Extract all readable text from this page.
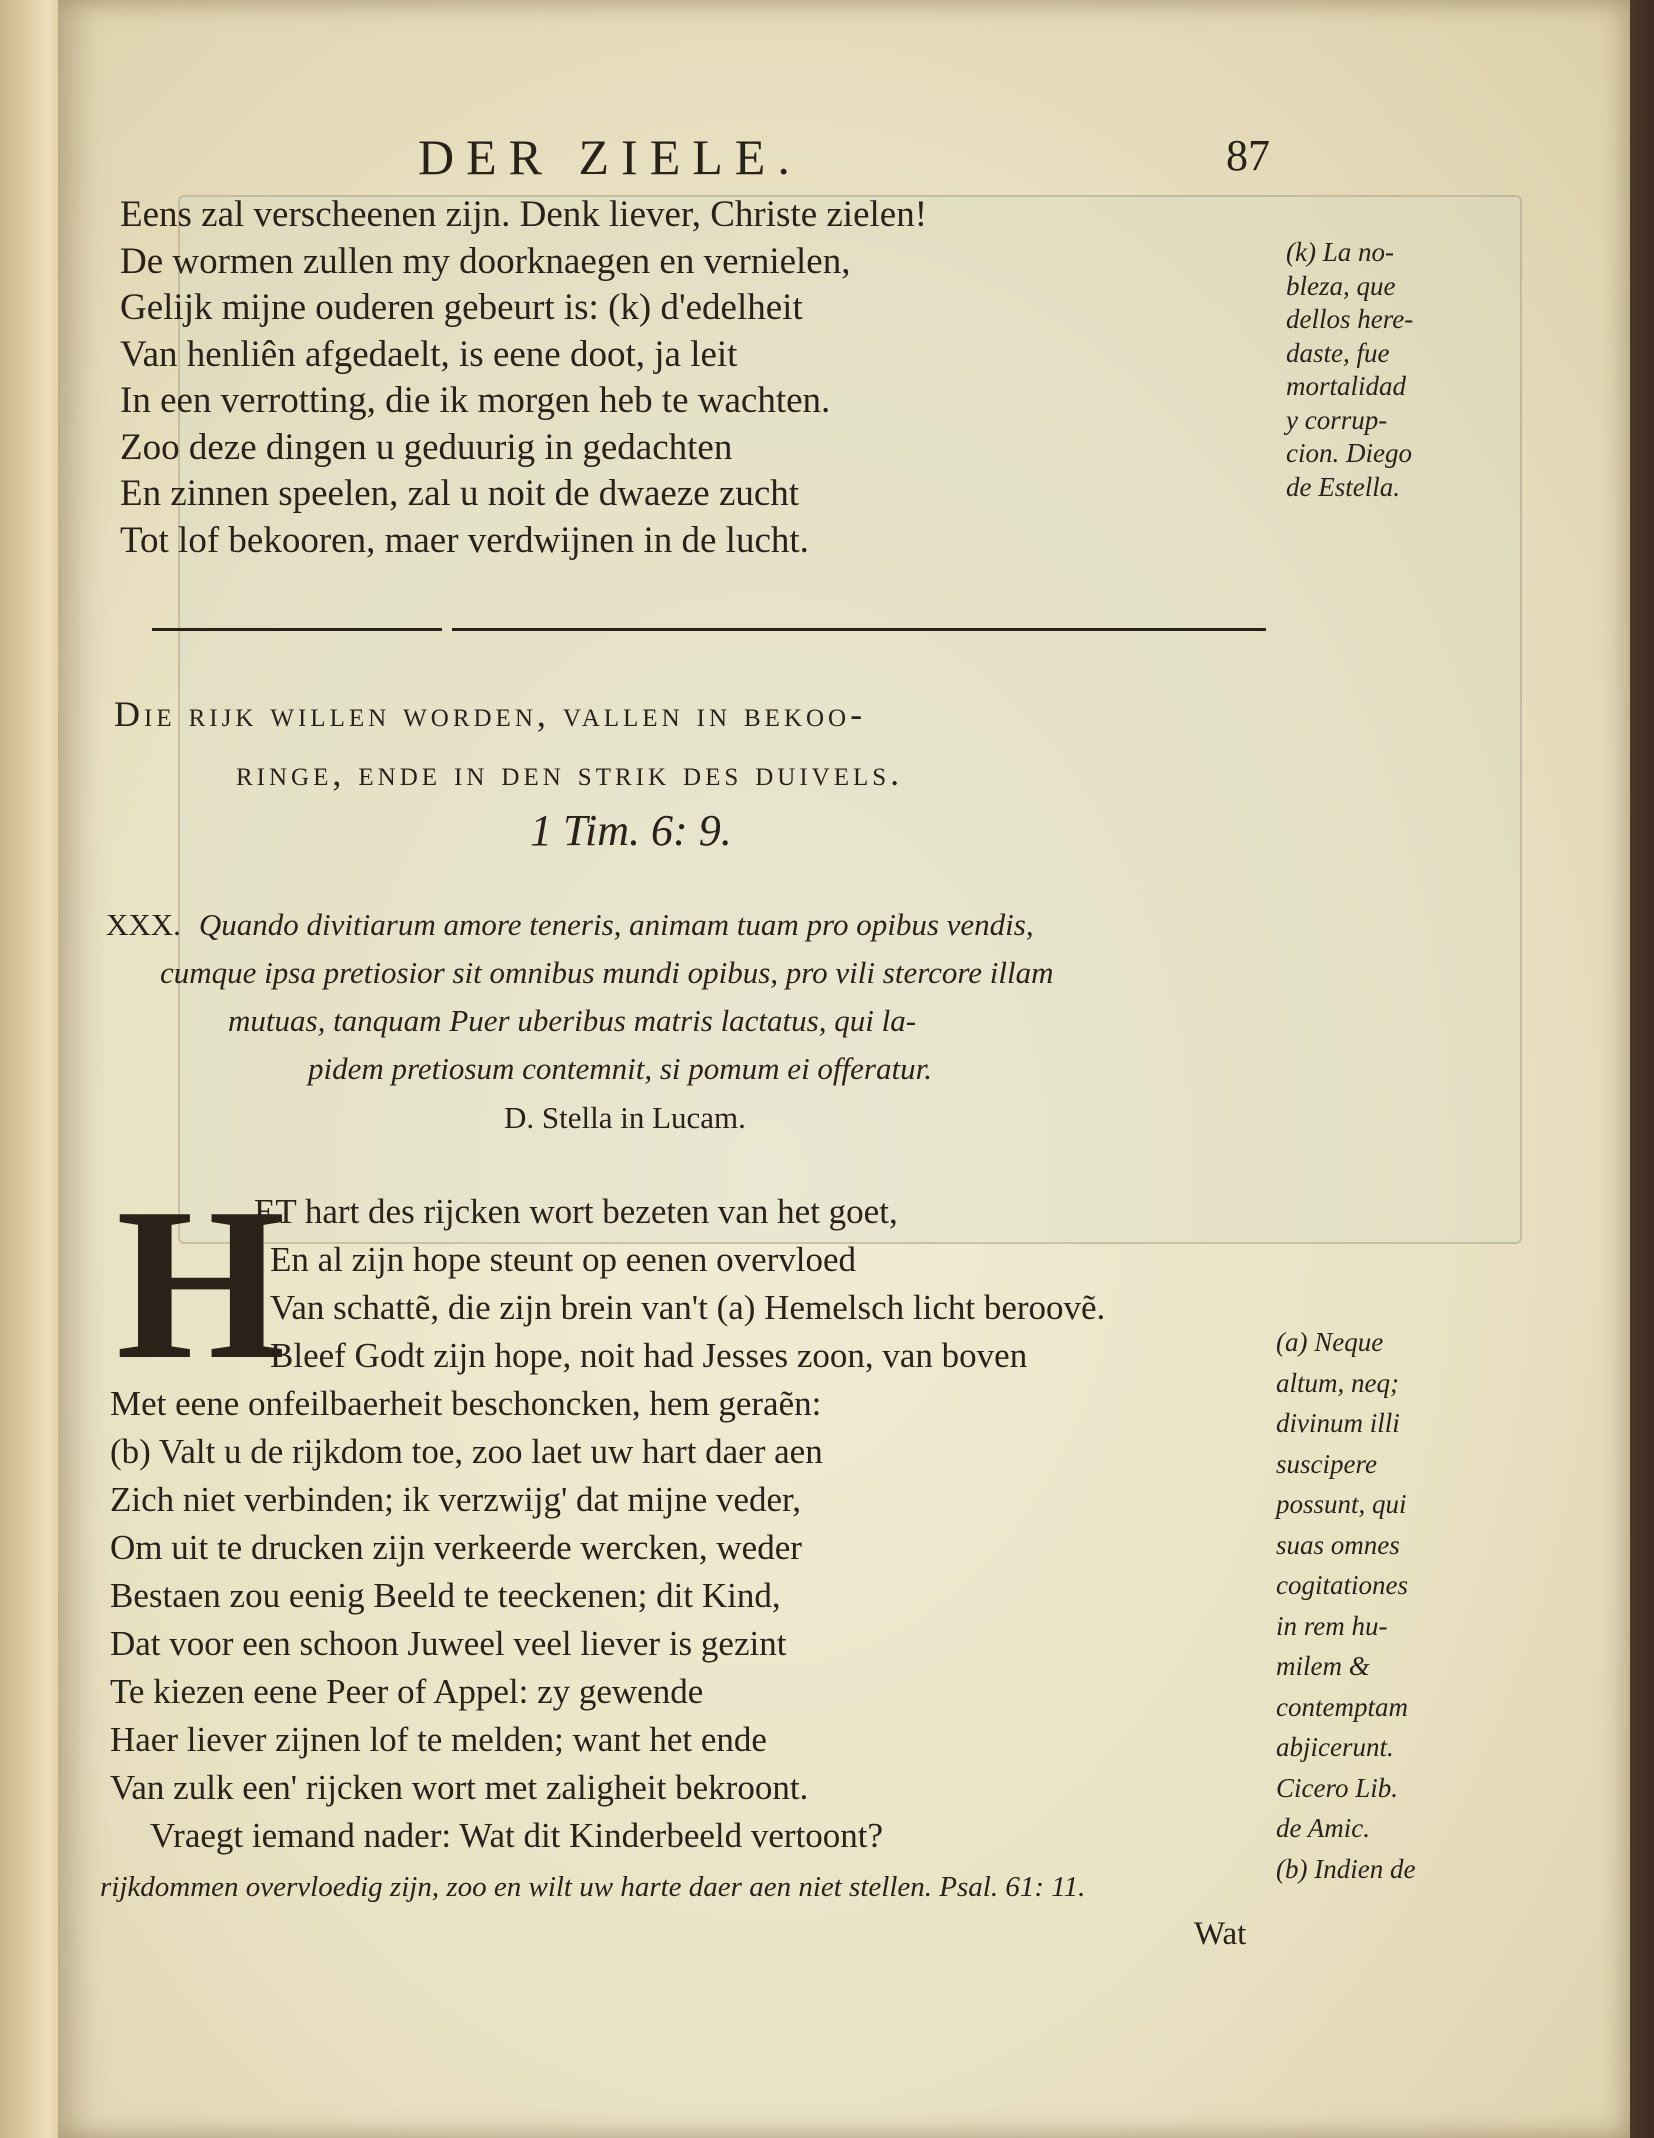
DER ZIELE.	87
Eens zal verscheenen zijn. Denk liever, Christe zielen!
De wormen zullen my doorknaegen en vernielen,
Gelijk mijne ouderen gebeurt is: (k) d'edelheit
Van henliên afgedaelt, is eene doot, ja leit
In een verrotting, die ik morgen heb te wachten.
Zoo deze dingen u geduurig in gedachten
En zinnen speelen, zal u noit de dwaeze zucht
Tot lof bekooren, maer verdwijnen in de lucht.
(k) La no-
bleza, que
dellos here-
daste, fue
mortalidad
y corrup-
cion. Diego
de Estella.
Die rijk willen worden, vallen in bekoo-
ringe, ende in den strik des duivels.
1 Tim. 6: 9.
XXX. Quando divitiarum amore teneris, animam tuam pro opibus vendis,
cumque ipsa pretiosior sit omnibus mundi opibus, pro vili stercore illam
mutuas, tanquam Puer uberibus matris lactatus, qui la-
pidem pretiosum contemnit, si pomum ei offeratur.
D. Stella in Lucam.
H
ET hart des rijcken wort bezeten van het goet,
En al zijn hope steunt op eenen overvloed
Van schattẽ, die zijn brein van't (a) Hemelsch licht beroovẽ.
Bleef Godt zijn hope, noit had Jesses zoon, van boven
Met eene onfeilbaerheit beschoncken, hem geraẽn:
(b) Valt u de rijkdom toe, zoo laet uw hart daer aen
Zich niet verbinden; ik verzwijg' dat mijne veder,
Om uit te drucken zijn verkeerde wercken, weder
Bestaen zou eenig Beeld te teeckenen; dit Kind,
Dat voor een schoon Juweel veel liever is gezint
Te kiezen eene Peer of Appel: zy gewende
Haer liever zijnen lof te melden; want het ende
Van zulk een' rijcken wort met zaligheit bekroont.
Vraegt iemand nader: Wat dit Kinderbeeld vertoont?
(a) Neque
altum, neq;
divinum illi
suscipere
possunt, qui
suas omnes
cogitationes
in rem hu-
milem &
contemptam
abjicerunt.
Cicero Lib.
de Amic.
(b) Indien de
rijkdommen overvloedig zijn, zoo en wilt uw harte daer aen niet stellen. Psal. 61: 11.
Wat
